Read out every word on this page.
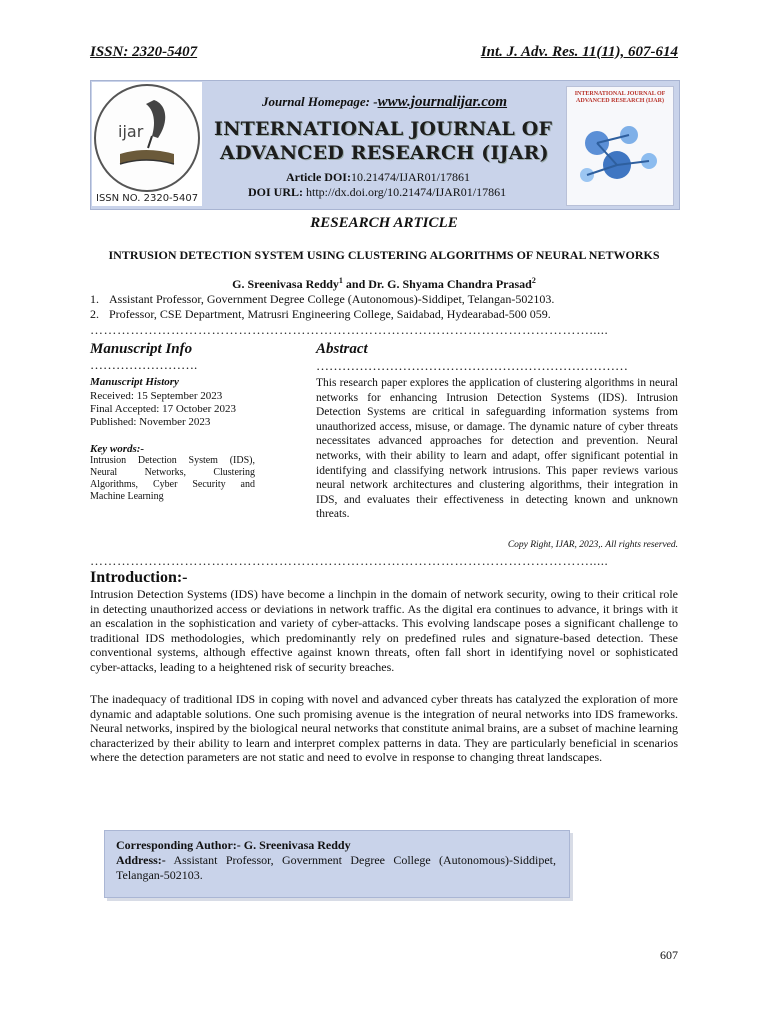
ISSN: 2320-5407	Int. J. Adv. Res. 11(11), 607-614
ijar
ISSN NO. 2320-5407
Journal Homepage: -www.journalijar.com
INTERNATIONAL JOURNAL OF
ADVANCED RESEARCH (IJAR)
Article DOI:10.21474/IJAR01/17861
DOI URL: http://dx.doi.org/10.21474/IJAR01/17861
INTERNATIONAL JOURNAL OF ADVANCED RESEARCH (IJAR)
RESEARCH ARTICLE
INTRUSION DETECTION SYSTEM USING CLUSTERING ALGORITHMS OF NEURAL NETWORKS
G. Sreenivasa Reddy$^1$ and Dr. G. Shyama Chandra Prasad$^2$
1. Assistant Professor, Government Degree College (Autonomous)-Siddipet, Telangan-502103.
2. Professor, CSE Department, Matrusri Engineering College, Saidabad, Hydearabad-500 059.
………………………………………………………………………………………………….....
Manuscript Info
…………………….
Manuscript History
Received: 15 September 2023
Final Accepted: 17 October 2023
Published: November 2023
Key words:-
Intrusion Detection System (IDS), Neural Networks, Clustering Algorithms, Cyber Security and Machine Learning
Abstract
………………………………………………………………
This research paper explores the application of clustering algorithms in neural networks for enhancing Intrusion Detection Systems (IDS). Intrusion Detection Systems are critical in safeguarding information systems from unauthorized access, misuse, or damage. The dynamic nature of cyber threats necessitates advanced approaches for detection and prevention. Neural networks, with their ability to learn and adapt, offer significant potential in identifying and classifying network intrusions. This paper reviews various neural network architectures and clustering algorithms, their integration in IDS, and evaluates their effectiveness in detecting known and unknown threats.
Copy Right, IJAR, 2023,. All rights reserved.
………………………………………………………………………………………………….....
Introduction:-
Intrusion Detection Systems (IDS) have become a linchpin in the domain of network security, owing to their critical role in detecting unauthorized access or deviations in network traffic. As the digital era continues to advance, it brings with it an escalation in the sophistication and variety of cyber-attacks. This evolving landscape poses a significant challenge to traditional IDS methodologies, which predominantly rely on predefined rules and signature-based detection. These conventional systems, although effective against known threats, often fall short in identifying novel or sophisticated cyber-attacks, leading to a heightened risk of security breaches.
The inadequacy of traditional IDS in coping with novel and advanced cyber threats has catalyzed the exploration of more dynamic and adaptable solutions. One such promising avenue is the integration of neural networks into IDS frameworks. Neural networks, inspired by the biological neural networks that constitute animal brains, are a subset of machine learning characterized by their ability to learn and interpret complex patterns in data. They are particularly beneficial in scenarios where the detection parameters are not static and need to evolve in response to changing threat landscapes.
Corresponding Author:- G. Sreenivasa Reddy
Address:- Assistant Professor, Government Degree College (Autonomous)-Siddipet, Telangan-502103.
607
